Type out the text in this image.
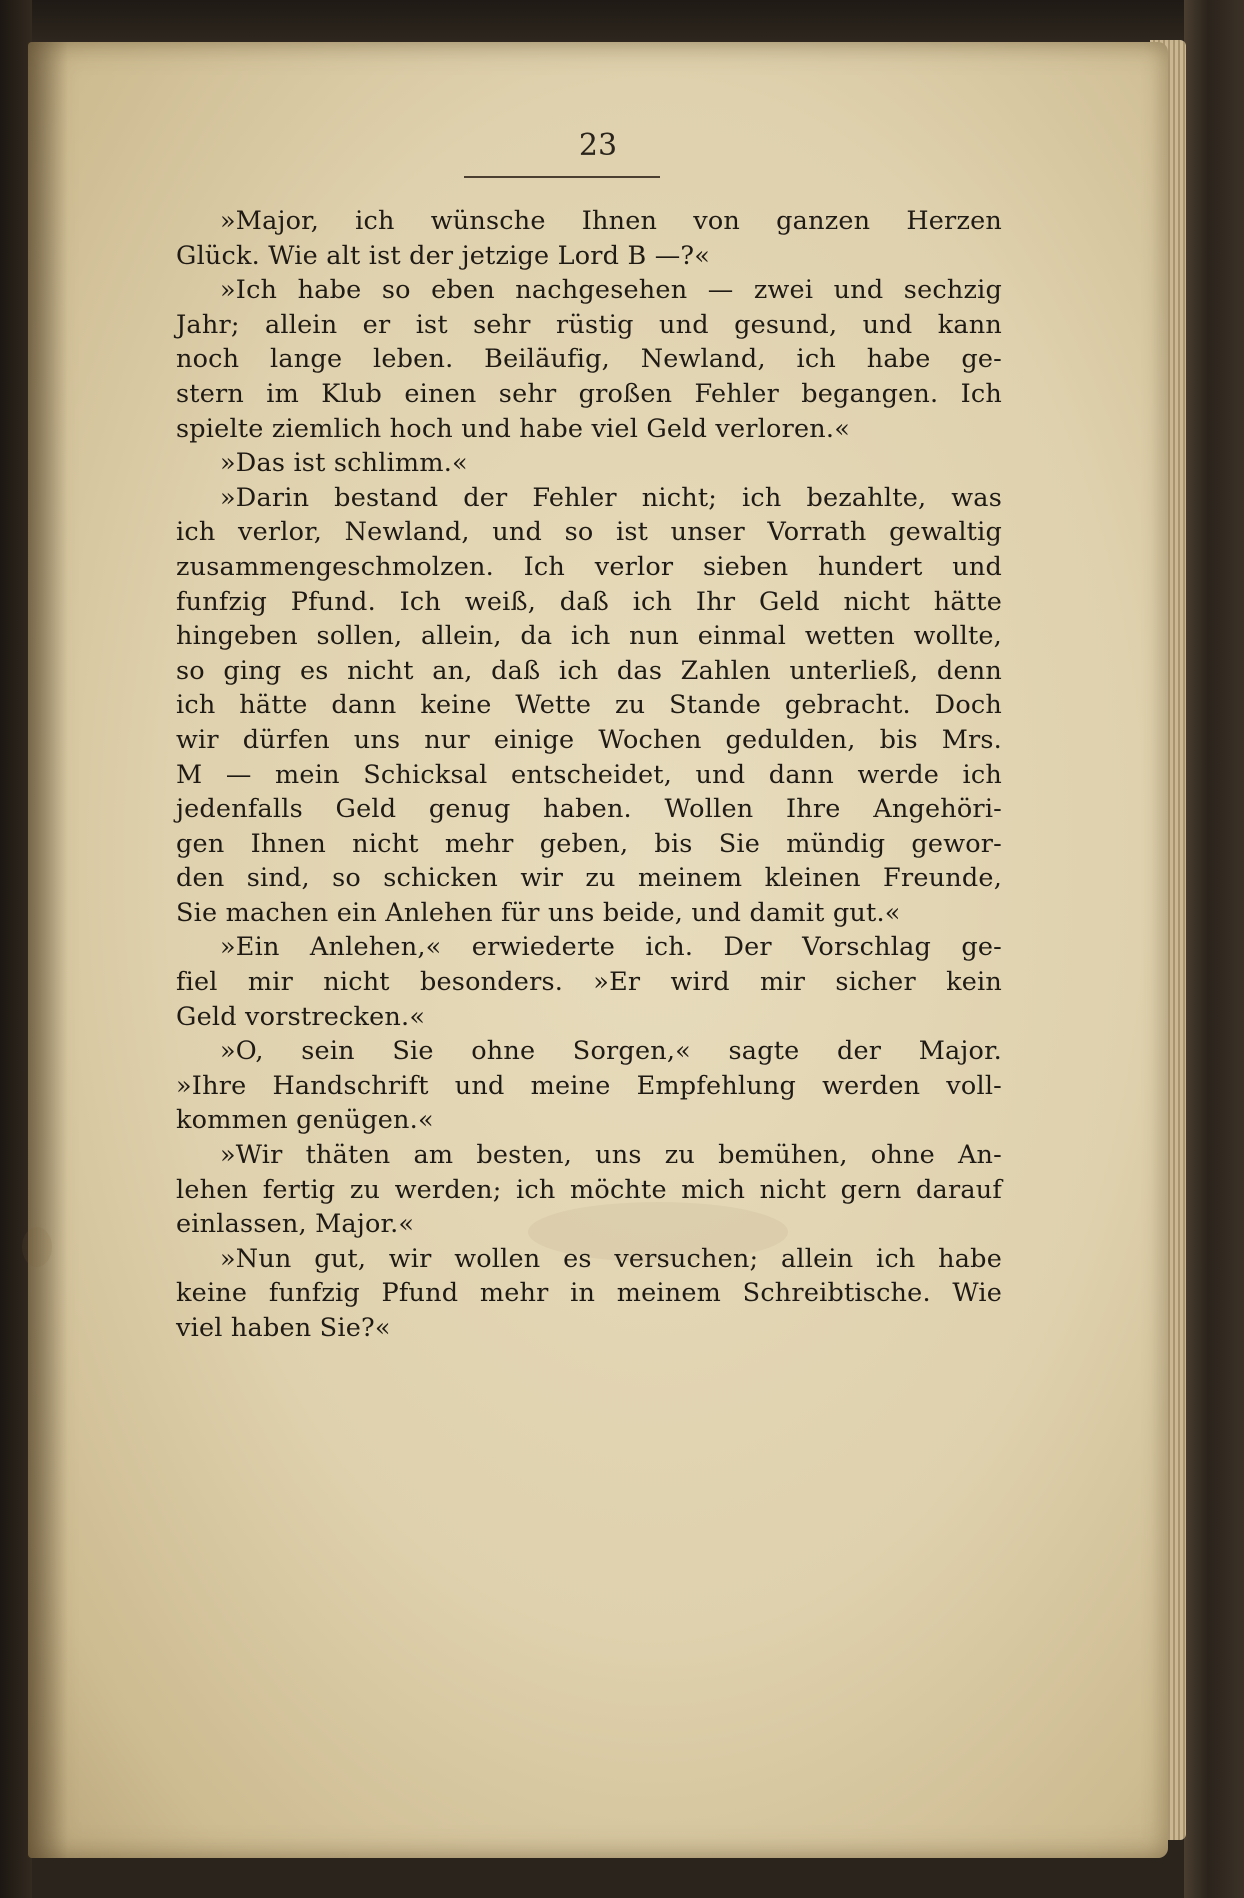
23
»Major, ich wünsche Ihnen von ganzen Herzen
Glück. Wie alt ist der jetzige Lord B —?«
»Ich habe so eben nachgesehen — zwei und sechzig
Jahr; allein er ist sehr rüstig und gesund, und kann
noch lange leben. Beiläufig, Newland, ich habe ge-
stern im Klub einen sehr großen Fehler begangen. Ich
spielte ziemlich hoch und habe viel Geld verloren.«
»Das ist schlimm.«
»Darin bestand der Fehler nicht; ich bezahlte, was
ich verlor, Newland, und so ist unser Vorrath gewaltig
zusammengeschmolzen. Ich verlor sieben hundert und
funfzig Pfund. Ich weiß, daß ich Ihr Geld nicht hätte
hingeben sollen, allein, da ich nun einmal wetten wollte,
so ging es nicht an, daß ich das Zahlen unterließ, denn
ich hätte dann keine Wette zu Stande gebracht. Doch
wir dürfen uns nur einige Wochen gedulden, bis Mrs.
M — mein Schicksal entscheidet, und dann werde ich
jedenfalls Geld genug haben. Wollen Ihre Angehöri-
gen Ihnen nicht mehr geben, bis Sie mündig gewor-
den sind, so schicken wir zu meinem kleinen Freunde,
Sie machen ein Anlehen für uns beide, und damit gut.«
»Ein Anlehen,« erwiederte ich. Der Vorschlag ge-
fiel mir nicht besonders. »Er wird mir sicher kein
Geld vorstrecken.«
»O, sein Sie ohne Sorgen,« sagte der Major.
»Ihre Handschrift und meine Empfehlung werden voll-
kommen genügen.«
»Wir thäten am besten, uns zu bemühen, ohne An-
lehen fertig zu werden; ich möchte mich nicht gern darauf
einlassen, Major.«
»Nun gut, wir wollen es versuchen; allein ich habe
keine funfzig Pfund mehr in meinem Schreibtische. Wie
viel haben Sie?«
